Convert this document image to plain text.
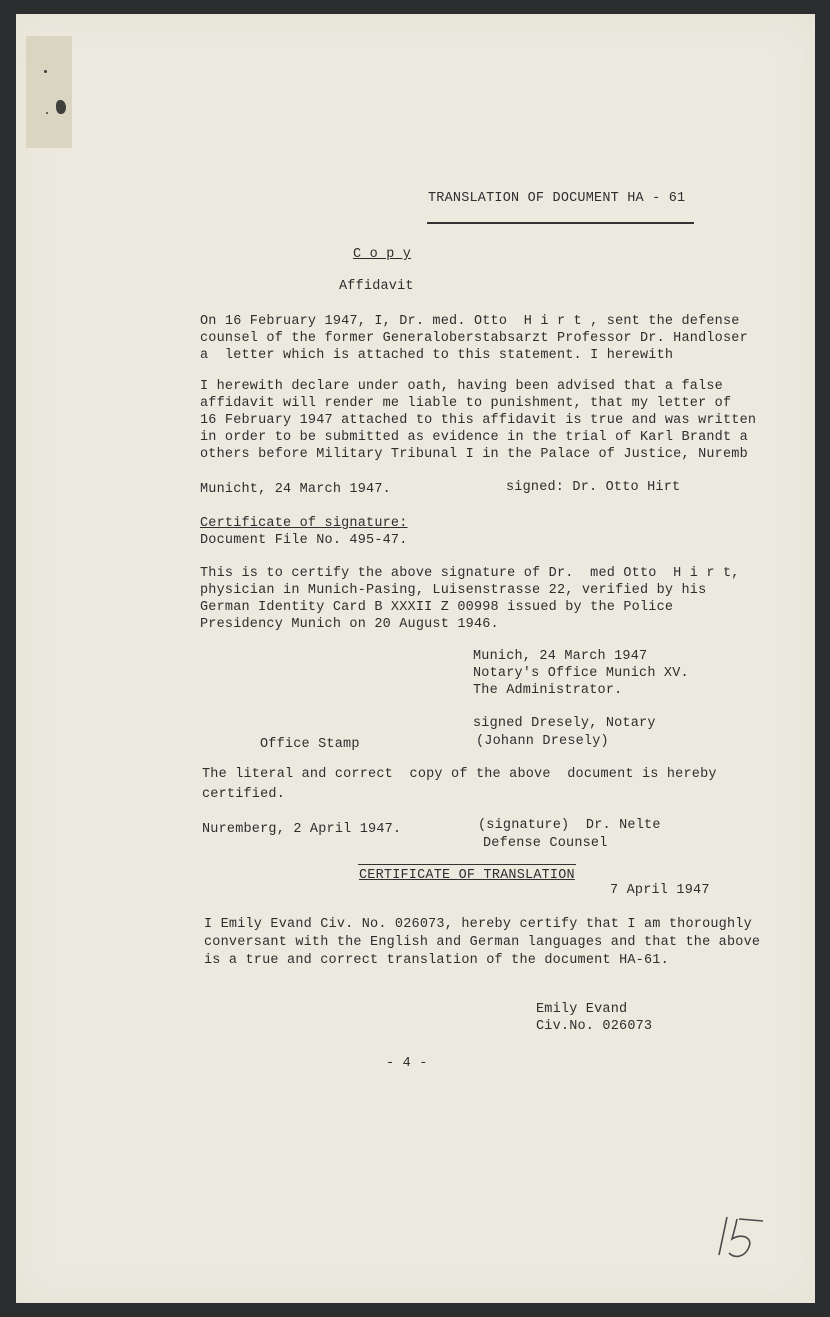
TRANSLATION OF DOCUMENT HA - 61
C o p y
Affidavit
On 16 February 1947, I, Dr. med. Otto  H i r t , sent the defense
counsel of the former Generaloberstabsarzt Professor Dr. Handloser
a  letter which is attached to this statement. I herewith
I herewith declare under oath, having been advised that a false
affidavit will render me liable to punishment, that my letter of
16 February 1947 attached to this affidavit is true and was written
in order to be submitted as evidence in the trial of Karl Brandt a
others before Military Tribunal I in the Palace of Justice, Nuremb
Municht, 24 March 1947.	signed: Dr. Otto Hirt
Certificate of signature:
Document File No. 495-47.
This is to certify the above signature of Dr.  med Otto  H i r t,
physician in Munich-Pasing, Luisenstrasse 22, verified by his
German Identity Card B XXXII Z 00998 issued by the Police
Presidency Munich on 20 August 1946.
Munich, 24 March 1947
Notary's Office Munich XV.
The Administrator.
signed Dresely, Notary
(Johann Dresely)
Office Stamp
The literal and correct  copy of the above  document is hereby
certified.
Nuremberg, 2 April 1947.	(signature)  Dr. Nelte
Defense Counsel
CERTIFICATE OF TRANSLATION
7 April 1947
I Emily Evand Civ. No. 026073, hereby certify that I am thoroughly
conversant with the English and German languages and that the above
is a true and correct translation of the document HA-61.
Emily Evand
Civ.No. 026073
- 4 -
